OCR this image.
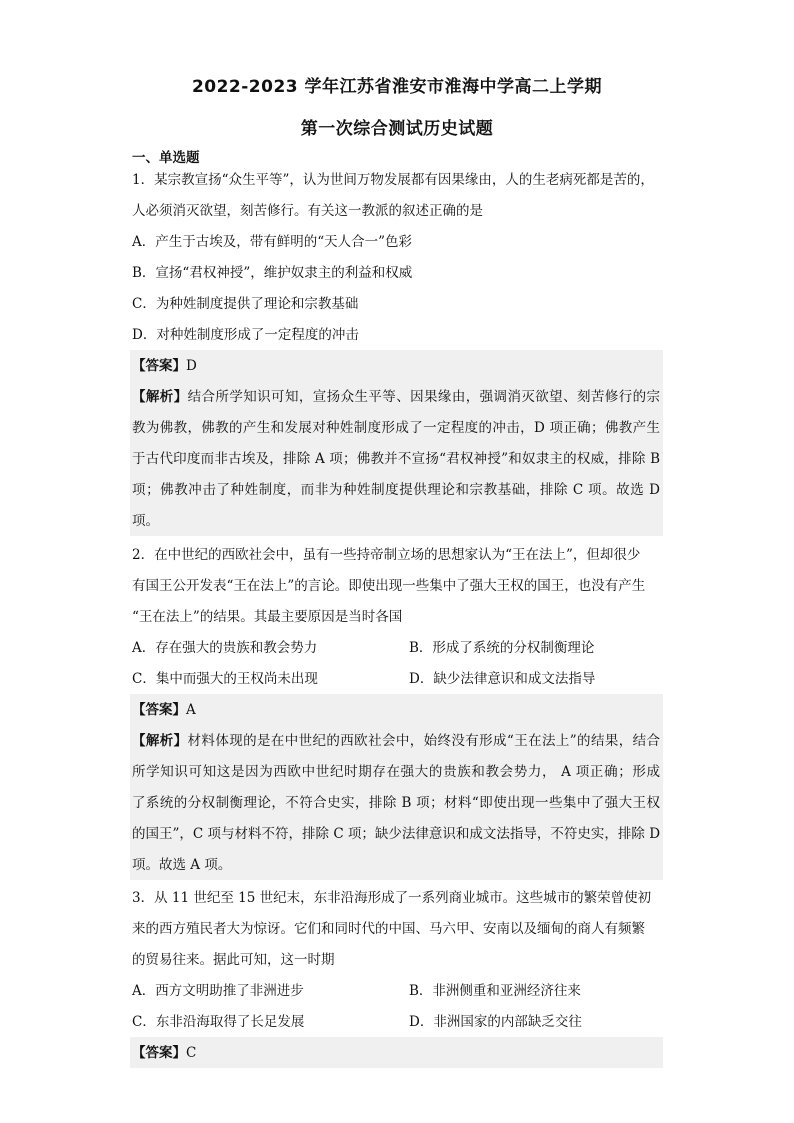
2022-2023 学年江苏省淮安市淮海中学高二上学期
第一次综合测试历史试题
一、单选题
1．某宗教宣扬“众生平等”，认为世间万物发展都有因果缘由，人的生老病死都是苦的，
人必须消灭欲望，刻苦修行。有关这一教派的叙述正确的是
A．产生于古埃及，带有鲜明的“天人合一”色彩
B．宣扬“君权神授”，维护奴隶主的利益和权威
C．为种姓制度提供了理论和宗教基础
D．对种姓制度形成了一定程度的冲击
【答案】D
【解析】结合所学知识可知，宣扬众生平等、因果缘由，强调消灭欲望、刻苦修行的宗
教为佛教，佛教的产生和发展对种姓制度形成了一定程度的冲击，D 项正确；佛教产生
于古代印度而非古埃及，排除 A 项；佛教并不宣扬“君权神授”和奴隶主的权威，排除 B
项；佛教冲击了种姓制度，而非为种姓制度提供理论和宗教基础，排除 C 项。故选 D
项。
2．在中世纪的西欧社会中，虽有一些持帝制立场的思想家认为“王在法上”，但却很少
有国王公开发表“王在法上”的言论。即使出现一些集中了强大王权的国王，也没有产生
“王在法上”的结果。其最主要原因是当时各国
A．存在强大的贵族和教会势力	B．形成了系统的分权制衡理论
C．集中而强大的王权尚未出现	D．缺少法律意识和成文法指导
【答案】A
【解析】材料体现的是在中世纪的西欧社会中，始终没有形成“王在法上”的结果，结合
所学知识可知这是因为西欧中世纪时期存在强大的贵族和教会势力， A 项正确；形成
了系统的分权制衡理论，不符合史实，排除 B 项；材料“即使出现一些集中了强大王权
的国王”，C 项与材料不符，排除 C 项；缺少法律意识和成文法指导，不符史实，排除 D
项。故选 A 项。
3．从 11 世纪至 15 世纪末，东非沿海形成了一系列商业城市。这些城市的繁荣曾使初
来的西方殖民者大为惊讶。它们和同时代的中国、马六甲、安南以及缅甸的商人有频繁
的贸易往来。据此可知，这一时期
A．西方文明助推了非洲进步	B．非洲侧重和亚洲经济往来
C．东非沿海取得了长足发展	D．非洲国家的内部缺乏交往
【答案】C
